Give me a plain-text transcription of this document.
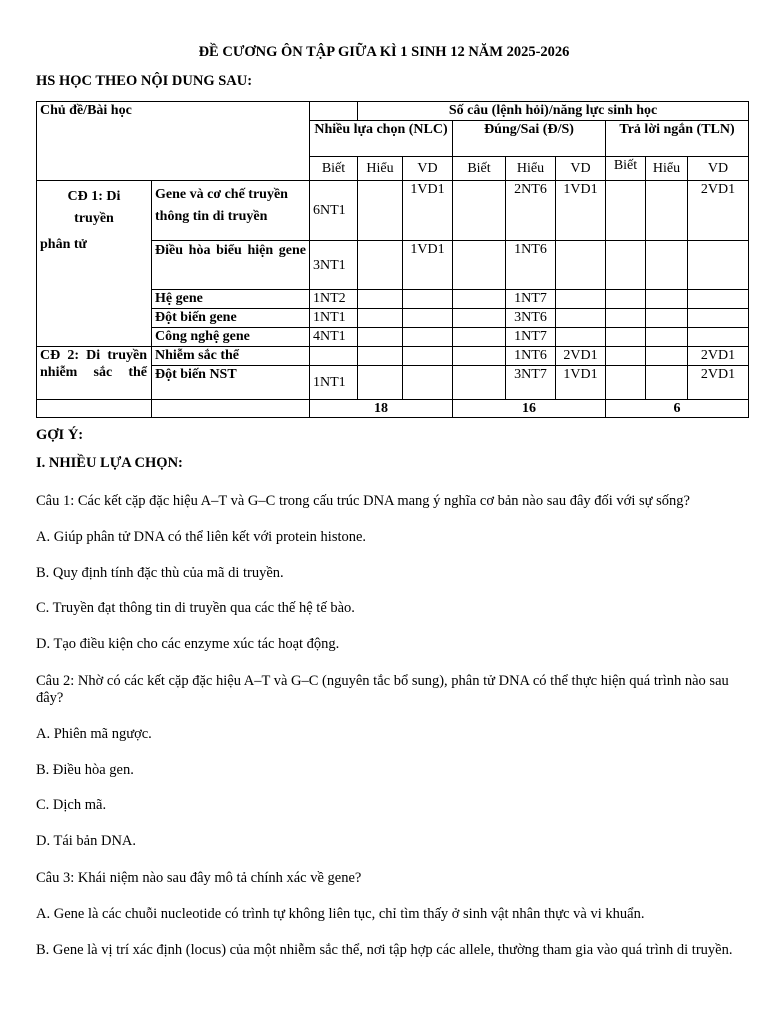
ĐỀ CƯƠNG ÔN TẬP GIỮA KÌ 1 SINH 12 NĂM 2025-2026
HS HỌC THEO NỘI DUNG SAU:
Chủ đề/Bài học			Số câu (lệnh hỏi)/năng lực sinh học							
		Nhiều lựa chọn (NLC)			Đúng/Sai (Đ/S)			Trả lời ngắn (TLN)		
		Biết	Hiểu	VD	Biết	Hiểu	VD	Biết	Hiểu	VD

CĐ 1: Di truyền
phân tử	Gene và cơ chế truyền thông tin di truyền	6NT1		1VD1		2NT6	1VD1			2VD1
	Điều hòa biểu hiện gene	3NT1		1VD1		1NT6				
	Hệ gene	1NT2				1NT7				
	Đột biến gene	1NT1				3NT6				
	Công nghệ gene	4NT1				1NT7				
CĐ 2: Di truyền nhiễm sắc thể	Nhiễm sắc thể					1NT6	2VD1			2VD1
	Đột biến NST	1NT1				3NT7	1VD1			2VD1
		18			16			6		
GỢI Ý:
I. NHIỀU LỰA CHỌN:
Câu 1: Các kết cặp đặc hiệu A–T và G–C trong cấu trúc DNA mang ý nghĩa cơ bản nào sau đây đối với sự sống?
A. Giúp phân tử DNA có thể liên kết với protein histone.
B. Quy định tính đặc thù của mã di truyền.
C. Truyền đạt thông tin di truyền qua các thế hệ tế bào.
D. Tạo điều kiện cho các enzyme xúc tác hoạt động.
Câu 2: Nhờ có các kết cặp đặc hiệu A–T và G–C (nguyên tắc bổ sung), phân tử DNA có thể thực hiện quá trình nào sau đây?
A. Phiên mã ngược.
B. Điều hòa gen.
C. Dịch mã.
D. Tái bản DNA.
Câu 3: Khái niệm nào sau đây mô tả chính xác về gene?
A. Gene là các chuỗi nucleotide có trình tự không liên tục, chỉ tìm thấy ở sinh vật nhân thực và vi khuẩn.
B. Gene là vị trí xác định (locus) của một nhiễm sắc thể, nơi tập hợp các allele, thường tham gia vào quá trình di truyền.
